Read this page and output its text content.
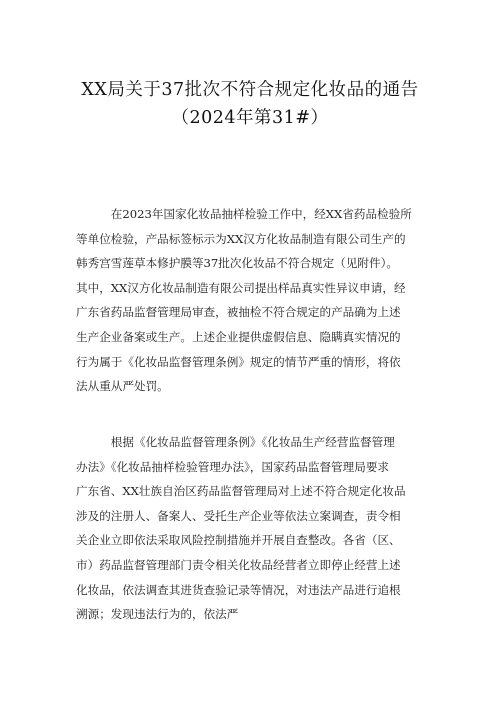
XX局关于37批次不符合规定化妆品的通告
（2024年第31#）
　　　在2023年国家化妆品抽样检验工作中，经XX省药品检验所
等单位检验，产品标签标示为XX汉方化妆品制造有限公司生产的
韩秀宫雪莲草本修护膜等37批次化妆品不符合规定（见附件）。
其中，XX汉方化妆品制造有限公司提出样品真实性异议申请，经
广东省药品监督管理局审查，被抽检不符合规定的产品确为上述
生产企业备案或生产。上述企业提供虚假信息、隐瞒真实情况的
行为属于《化妆品监督管理条例》规定的情节严重的情形，将依
法从重从严处罚。
　　　根据《化妆品监督管理条例》《化妆品生产经营监督管理
办法》《化妆品抽样检验管理办法》，国家药品监督管理局要求
广东省、XX壮族自治区药品监督管理局对上述不符合规定化妆品
涉及的注册人、备案人、受托生产企业等依法立案调查，责令相
关企业立即依法采取风险控制措施并开展自查整改。各省（区、
市）药品监督管理部门责令相关化妆品经营者立即停止经营上述
化妆品，依法调查其进货查验记录等情况，对违法产品进行追根
溯源；发现违法行为的，依法严
